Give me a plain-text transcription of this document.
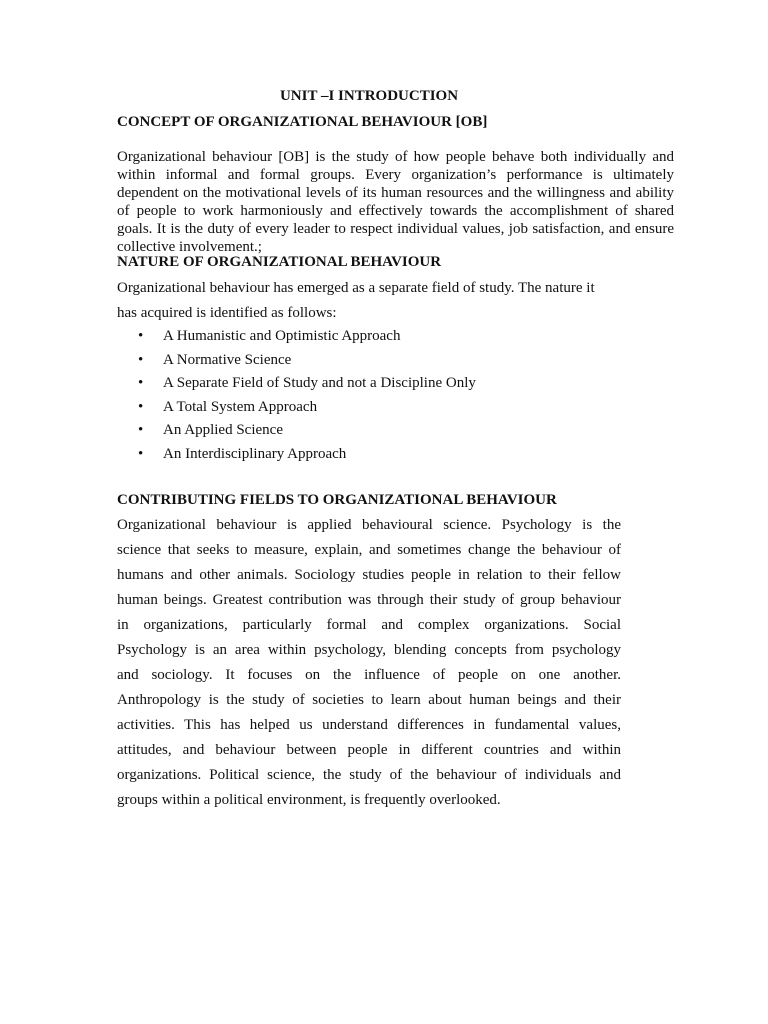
UNIT –I INTRODUCTION
CONCEPT OF ORGANIZATIONAL BEHAVIOUR [OB]

Organizational behaviour [OB] is the study of how people behave both individually and within informal and formal groups. Every organization’s performance is ultimately dependent on the motivational levels of its human resources and the willingness and ability of people to work harmoniously and effectively towards the accomplishment of shared goals. It is the duty of every leader to respect individual values, job satisfaction, and ensure collective involvement.;

NATURE OF ORGANIZATIONAL BEHAVIOUR

Organizational behaviour has emerged as a separate field of study. The nature it

has acquired is identified as follows:

•	A Humanistic and Optimistic Approach
•	A Normative Science
•	A Separate Field of Study and not a Discipline Only
•	A Total System Approach
•	An Applied Science
•	An Interdisciplinary Approach
CONTRIBUTING FIELDS TO ORGANIZATIONAL BEHAVIOUR

Organizational behaviour is applied behavioural science. Psychology is the

science that seeks to measure, explain, and sometimes change the behaviour of

humans and other animals. Sociology studies people in relation to their fellow

human beings. Greatest contribution was through their study of group behaviour

in organizations, particularly formal and complex organizations. Social

Psychology is an area within psychology, blending concepts from psychology

and sociology. It focuses on the influence of people on one another.

Anthropology is the study of societies to learn about human beings and their

activities. This has helped us understand differences in fundamental values,

attitudes, and behaviour between people in different countries and within

organizations. Political science, the study of the behaviour of individuals and

groups within a political environment, is frequently overlooked.
